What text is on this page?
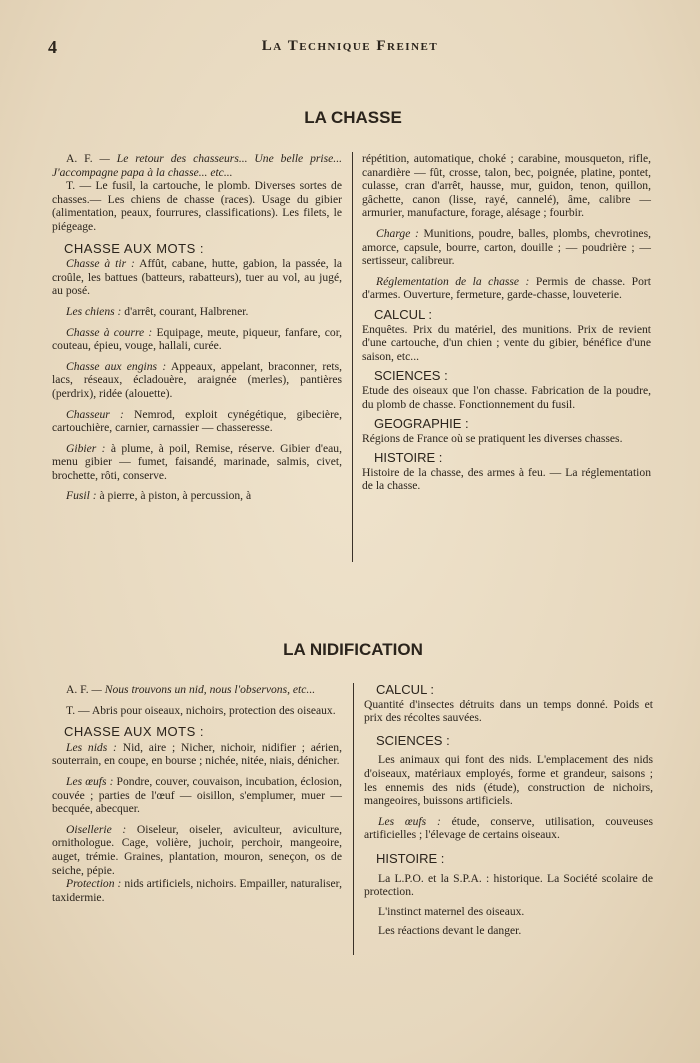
4	La Technique Freinet
LA CHASSE

A. F. — Le retour des chasseurs... Une belle prise... J'accompagne papa à la chasse... etc...

T. — Le fusil, la cartouche, le plomb. Diverses sortes de chasses.— Les chiens de chasse (races). Usage du gibier (alimentation, peaux, fourrures, classifications). Les filets, le piégeage.

CHASSE AUX MOTS :

Chasse à tir : Affût, cabane, hutte, gabion, la passée, la croûle, les battues (batteurs, rabatteurs), tuer au vol, au jugé, au posé.

Les chiens : d'arrêt, courant, Halbrener.

Chasse à courre : Equipage, meute, piqueur, fanfare, cor, couteau, épieu, vouge, hallali, curée.

Chasse aux engins : Appeaux, appelant, braconner, rets, lacs, réseaux, écladouère, araignée (merles), pantières (perdrix), ridée (alouette).

Chasseur : Nemrod, exploit cynégétique, gibecière, cartouchière, carnier, carnassier — chasseresse.

Gibier : à plume, à poil, Remise, réserve. Gibier d'eau, menu gibier — fumet, faisandé, marinade, salmis, civet, brochette, rôti, conserve.

Fusil : à pierre, à piston, à percussion, à

répétition, automatique, choké ; carabine, mousqueton, rifle, canardière — fût, crosse, talon, bec, poignée, platine, pontet, culasse, cran d'arrêt, hausse, mur, guidon, tenon, quillon, gâchette, canon (lisse, rayé, cannelé), âme, calibre — armurier, manufacture, forage, alésage ; fourbir.

Charge : Munitions, poudre, balles, plombs, chevrotines, amorce, capsule, bourre, carton, douille ; — poudrière ; — sertisseur, calibreur.

Réglementation de la chasse : Permis de chasse. Port d'armes. Ouverture, fermeture, garde-chasse, louveterie.

CALCUL :

Enquêtes. Prix du matériel, des munitions. Prix de revient d'une cartouche, d'un chien ; vente du gibier, bénéfice d'une saison, etc...

SCIENCES :

Etude des oiseaux que l'on chasse. Fabrication de la poudre, du plomb de chasse. Fonctionnement du fusil.

GEOGRAPHIE :

Régions de France où se pratiquent les diverses chasses.

HISTOIRE :

Histoire de la chasse, des armes à feu. — La réglementation de la chasse.

LA NIDIFICATION

A. F. — Nous trouvons un nid, nous l'observons, etc...

T. — Abris pour oiseaux, nichoirs, protection des oiseaux.

CHASSE AUX MOTS :

Les nids : Nid, aire ; Nicher, nichoir, nidifier ; aérien, souterrain, en coupe, en bourse ; nichée, nitée, niais, dénicher.

Les œufs : Pondre, couver, couvaison, incubation, éclosion, couvée ; parties de l'œuf — oisillon, s'emplumer, muer — becquée, abecquer.

Oisellerie : Oiseleur, oiseler, aviculteur, aviculture, ornithologue. Cage, volière, juchoir, perchoir, mangeoire, auget, trémie. Graines, plantation, mouron, seneçon, os de seiche, pépie.

Protection : nids artificiels, nichoirs. Empailler, naturaliser, taxidermie.

CALCUL :

Quantité d'insectes détruits dans un temps donné. Poids et prix des récoltes sauvées.

SCIENCES :

Les animaux qui font des nids. L'emplacement des nids d'oiseaux, matériaux employés, forme et grandeur, saisons ; les ennemis des nids (étude), construction de nichoirs, mangeoires, buissons artificiels.

Les œufs : étude, conserve, utilisation, couveuses artificielles ; l'élevage de certains oiseaux.

HISTOIRE :

La L.P.O. et la S.P.A. : historique. La Société scolaire de protection.

L'instinct maternel des oiseaux.

Les réactions devant le danger.
